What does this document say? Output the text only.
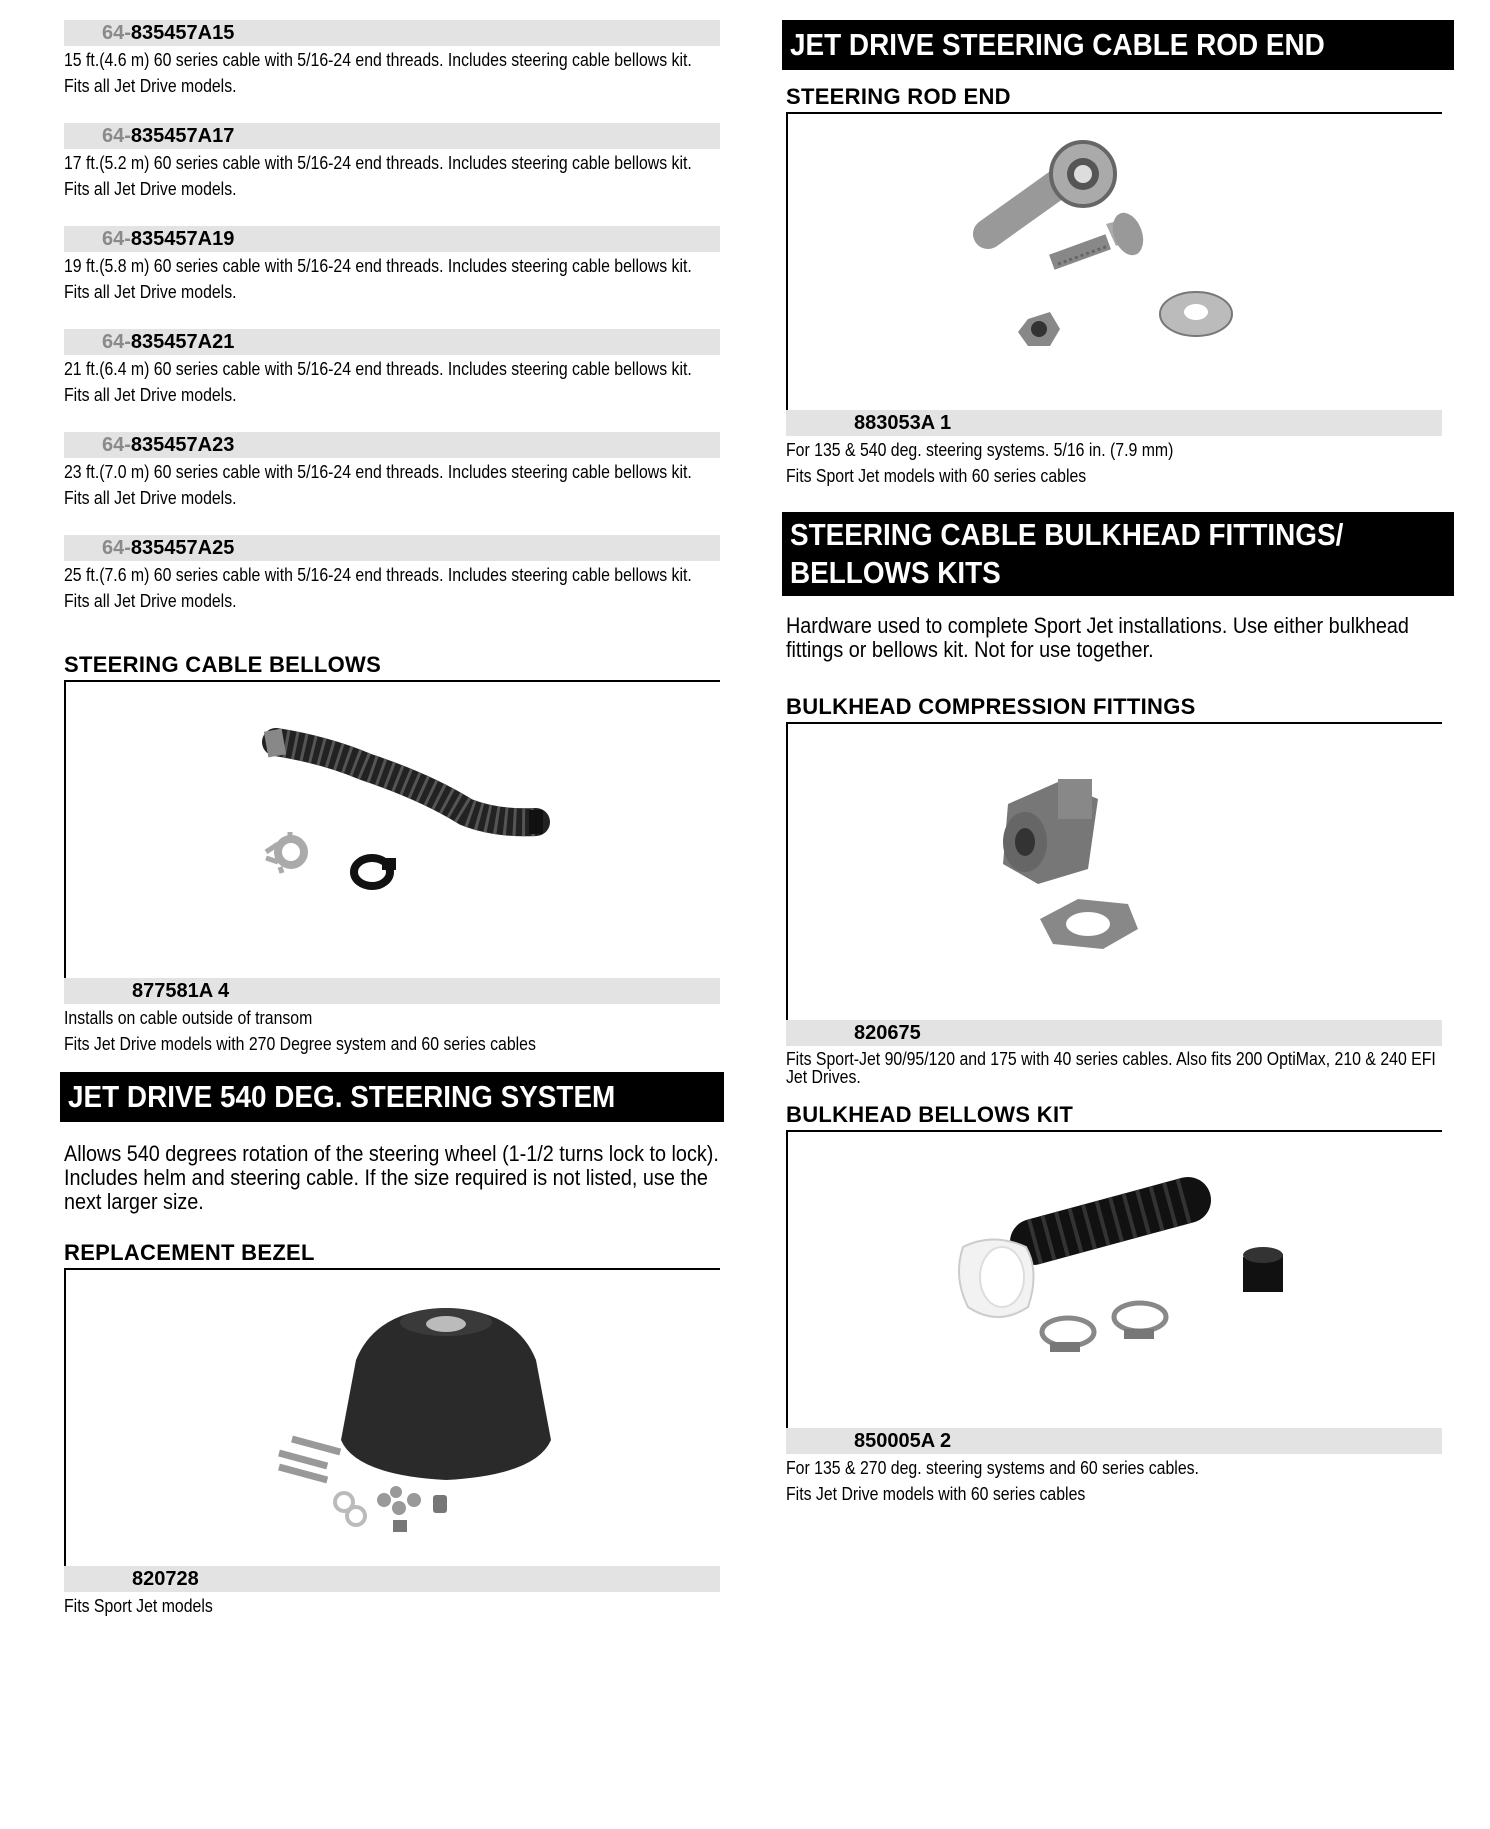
64-835457A15
15 ft.(4.6 m) 60 series cable with 5/16-24 end threads. Includes steering cable bellows kit.
Fits all Jet Drive models.
64-835457A17
17 ft.(5.2 m) 60 series cable with 5/16-24 end threads. Includes steering cable bellows kit.
Fits all Jet Drive models.
64-835457A19
19 ft.(5.8 m) 60 series cable with 5/16-24 end threads. Includes steering cable bellows kit.
Fits all Jet Drive models.
64-835457A21
21 ft.(6.4 m) 60 series cable with 5/16-24 end threads. Includes steering cable bellows kit.
Fits all Jet Drive models.
64-835457A23
23 ft.(7.0 m) 60 series cable with 5/16-24 end threads. Includes steering cable bellows kit.
Fits all Jet Drive models.
64-835457A25
25 ft.(7.6 m) 60 series cable with 5/16-24 end threads. Includes steering cable bellows kit.
Fits all Jet Drive models.
STEERING CABLE BELLOWS
877581A 4
Installs on cable outside of transom
Fits Jet Drive models with 270 Degree system and 60 series cables
JET DRIVE 540 DEG. STEERING SYSTEM
Allows 540 degrees rotation of the steering wheel (1-1/2 turns lock to lock). Includes helm and steering cable. If the size required is not listed, use the next larger size.
REPLACEMENT BEZEL
820728
Fits Sport Jet models
JET DRIVE STEERING CABLE ROD END
STEERING ROD END
883053A 1
For 135 & 540 deg. steering systems. 5/16 in. (7.9 mm)
Fits Sport Jet models with 60 series cables
STEERING CABLE BULKHEAD FITTINGS/
BELLOWS KITS
Hardware used to complete Sport Jet installations. Use either bulkhead fittings or bellows kit. Not for use together.
BULKHEAD COMPRESSION FITTINGS
820675
Fits Sport-Jet 90/95/120 and 175 with 40 series cables. Also fits 200 OptiMax, 210 & 240 EFI Jet Drives.
BULKHEAD BELLOWS KIT
850005A 2
For 135 & 270 deg. steering systems and 60 series cables.
Fits Jet Drive models with 60 series cables
